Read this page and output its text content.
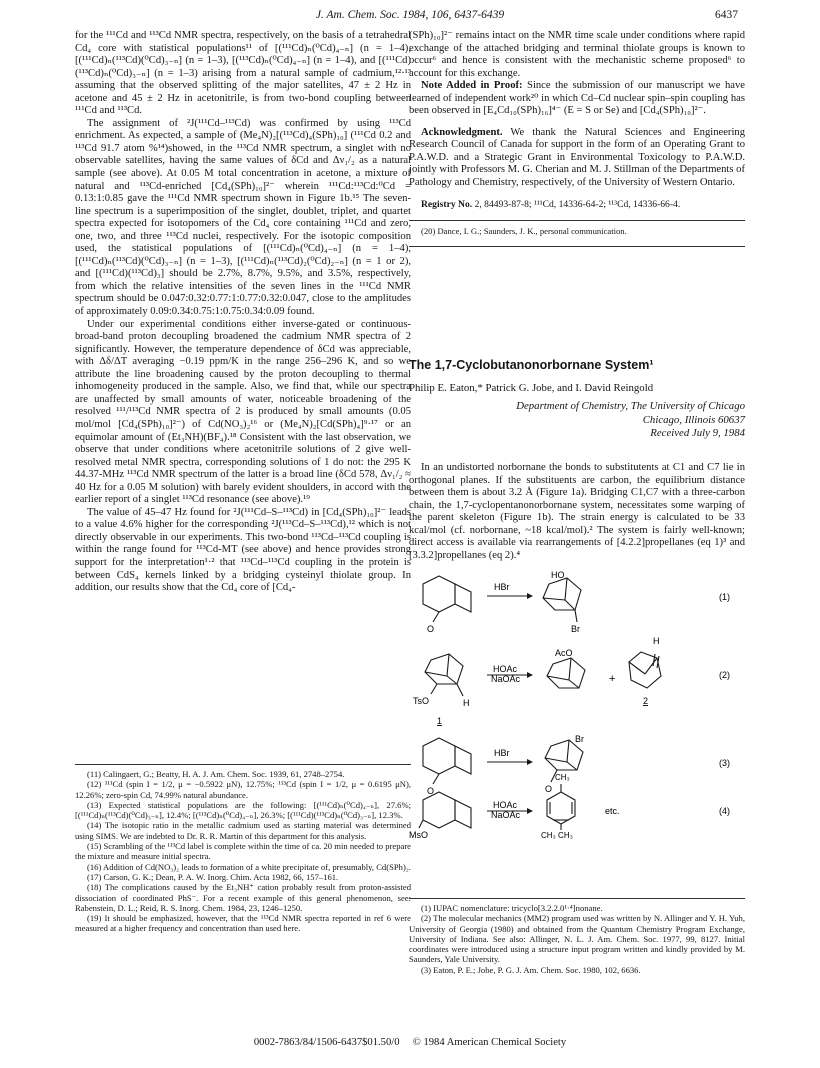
J. Am. Chem. Soc. 1984, 106, 6437-6439	6437

for the ¹¹¹Cd and ¹¹³Cd NMR spectra, respectively, on the basis of a tetrahedral Cd₄ core with statistical populations¹¹ of [(¹¹¹Cd)ₙ(⁰Cd)₄₋ₙ] (n = 1–4), [(¹¹¹Cd)ₙ(¹¹³Cd)(⁰Cd)₃₋ₙ] (n = 1–3), [(¹¹³Cd)ₙ(⁰Cd)₄₋ₙ] (n = 1–4), and [(¹¹¹Cd)(¹¹³Cd)ₙ(⁰Cd)₃₋ₙ] (n = 1–3) arising from a natural sample of cadmium,¹²·¹³ assuming that the observed splitting of the major satellites, 47 ± 2 Hz in acetone and 45 ± 2 Hz in acetonitrile, is from two-bond coupling between ¹¹¹Cd and ¹¹³Cd.

The assignment of ²J(¹¹¹Cd–¹¹³Cd) was confirmed by using ¹¹³Cd enrichment. As expected, a sample of (Me₄N)₂[(¹¹³Cd)₄(SPh)₁₀] (¹¹¹Cd 0.2 and ¹¹³Cd 91.7 atom %¹⁴)showed, in the ¹¹³Cd NMR spectrum, a singlet with no observable satellites, having the same values of δCd and Δν₁/₂ as a natural sample (see above). At 0.05 M total concentration in acetone, a mixture of natural and ¹¹³Cd-enriched [Cd₄(SPh)₁₀]²⁻ wherein ¹¹¹Cd:¹¹³Cd:⁰Cd = 0.13:1:0.85 gave the ¹¹¹Cd NMR spectrum shown in Figure 1b.¹⁵ The seven-line spectrum is a superimposition of the singlet, doublet, triplet, and quartet spectra expected for isotopomers of the Cd₄ core containing ¹¹¹Cd and zero, one, two, and three ¹¹³Cd nuclei, respectively. For the isotopic composition used, the statistical populations of [(¹¹¹Cd)ₙ(⁰Cd)₄₋ₙ] (n = 1–4), [(¹¹¹Cd)ₙ(¹¹³Cd)(⁰Cd)₃₋ₙ] (n = 1–3), [(¹¹¹Cd)ₙ(¹¹³Cd)₂(⁰Cd)₂₋ₙ] (n = 1 or 2), and [(¹¹¹Cd)(¹¹³Cd)₃] should be 2.7%, 8.7%, 9.5%, and 3.5%, respectively, from which the relative intensities of the seven lines in the ¹¹¹Cd NMR spectrum should be 0.047:0.32:0.77:1:0.77:0.32:0.047, close to the amplitudes of approximately 0.09:0.34:0.75:1:0.75:0.34:0.09 found.

Under our experimental conditions either inverse-gated or continuous-broad-band proton decoupling broadened the cadmium NMR spectra of 2 significantly. However, the temperature dependence of δCd was appreciable, with Δδ/ΔT averaging −0.19 ppm/K in the range 256–296 K, and so we attribute the line broadening caused by the proton decoupling to thermal inhomogeneity produced in the sample. Also, we find that, while our spectra are unaffected by small amounts of water, noticeable broadening of the resolved ¹¹¹/¹¹³Cd NMR spectra of 2 is produced by small amounts (0.05 mol/mol [Cd₄(SPh)₁₀]²⁻) of Cd(NO₃)₂¹⁶ or (Me₄N)₂[Cd(SPh)₄]⁹·¹⁷ or an equimolar amount of (Et₃NH)(BF₄).¹⁸ Consistent with the last observation, we observe that under conditions where acetonitrile solutions of 2 give well-resolved metal NMR spectra, corresponding solutions of 1 do not: the 295 K 44.37-MHz ¹¹³Cd NMR spectrum of the latter is a broad line (δCd 578, Δν₁/₂ ≈ 40 Hz for a 0.05 M solution) with barely evident shoulders, in accord with the earlier report of a singlet ¹¹³Cd resonance (see above).¹⁹

The value of 45–47 Hz found for ²J(¹¹¹Cd–S–¹¹³Cd) in [Cd₄(SPh)₁₀]²⁻ leads to a value 4.6% higher for the corresponding ²J(¹¹³Cd–S–¹¹³Cd),¹² which is not directly observable in our experiments. This two-bond ¹¹³Cd–¹¹³Cd coupling is within the range found for ¹¹³Cd-MT (see above) and hence provides strong support for the interpretation¹·² that ¹¹³Cd–¹¹³Cd coupling in the protein is between CdS₄ kernels linked by a bridging cysteinyl thiolate group. In addition, our results show that the Cd₄ core of [Cd₄-

(11) Calingaert, G.; Beatty, H. A. J. Am. Chem. Soc. 1939, 61, 2748–2754.

(12) ¹¹¹Cd (spin I = 1/2, μ = −0.5922 μN), 12.75%; ¹¹³Cd (spin I = 1/2, μ = 0.6195 μN), 12.26%; zero-spin Cd, 74.99% natural abundance.

(13) Expected statistical populations are the following: [(¹¹¹Cd)ₙ(⁰Cd)₄₋ₙ], 27.6%; [(¹¹¹Cd)ₙ(¹¹³Cd)(⁰Cd)₃₋ₙ], 12.4%; [(¹¹³Cd)ₙ(⁰Cd)₄₋ₙ], 26.3%; [(¹¹¹Cd)(¹¹³Cd)ₙ(⁰Cd)₃₋ₙ], 12.3%.

(14) The isotopic ratio in the metallic cadmium used as starting material was determined using SIMS. We are indebted to Dr. R. R. Martin of this department for this analysis.

(15) Scrambling of the ¹¹³Cd label is complete within the time of ca. 20 min needed to prepare the mixture and measure initial spectra.

(16) Addition of Cd(NO₃)₂ leads to formation of a white precipitate of, presumably, Cd(SPh)₂.

(17) Carson, G. K.; Dean, P. A. W. Inorg. Chim. Acta 1982, 66, 157–161.

(18) The complications caused by the Et₃NH⁺ cation probably result from proton-assisted dissociation of coordinated PhS⁻. For a recent example of this general phenomenon, see: Rabenstein, D. L.; Reid, R. S. Inorg. Chem. 1984, 23, 1246–1250.

(19) It should be emphasized, however, that the ¹¹³Cd NMR spectra reported in ref 6 were measured at a higher frequency and concentration than used here.

(SPh)₁₀]²⁻ remains intact on the NMR time scale under conditions where rapid exchange of the attached bridging and terminal thiolate groups is known to occur⁶ and hence is consistent with the mechanistic scheme proposed⁶ to account for this exchange.

Note Added in Proof: Since the submission of our manuscript we have learned of independent work²⁰ in which Cd–Cd nuclear spin–spin coupling has been observed in [E₄Cd₁₀(SPh)₁₆]⁴⁻ (E = S or Se) and [Cd₄(SPh)₁₀]²⁻.

Acknowledgment. We thank the Natural Sciences and Engineering Research Council of Canada for support in the form of an Operating Grant to P.A.W.D. and a Strategic Grant in Environmental Toxicology to P.A.W.D. jointly with Professors M. G. Cherian and M. J. Stillman of the Departments of Pathology and Chemistry, respectively, of the University of Western Ontario.

Registry No. 2, 84493-87-8; ¹¹¹Cd, 14336-64-2; ¹¹³Cd, 14336-66-4.

(20) Dance, I. G.; Saunders, J. K., personal communication.
The 1,7-Cyclobutanonorbornane System¹
Philip E. Eaton,* Patrick G. Jobe, and I. David Reingold
Department of Chemistry, The University of Chicago
Chicago, Illinois 60637
Received July 9, 1984

In an undistorted norbornane the bonds to substitutents at C1 and C7 lie in orthogonal planes. If the substituents are carbon, the equilibrium distance between them is about 3.2 Å (Figure 1a). Bridging C1,C7 with a three-carbon chain, the 1,7-cyclopentanonorbornane system, necessitates some warping of the parent skeleton (Figure 1b). The strain energy is calculated to be 33 kcal/mol (cf. norbornane, ~18 kcal/mol).² The system is fairly well-known; direct access is available via rearrangements of [4.2.2]propellanes (eq 1)³ and [3.3.2]propellanes (eq 2).⁴

O
HBr
HO
Br
(1)
TsO	H
1
HOAc
NaOAc
AcO
+
H
2
(2)
O
HBr
Br
O
(3)
MsO
HOAc
NaOAc
CH₃
CH₃ CH₃
etc.	(4)

(1) IUPAC nomenclature: tricyclo[3.2.2.0¹·⁴]nonane.

(2) The molecular mechanics (MM2) program used was written by N. Allinger and Y. H. Yuh, University of Georgia (1980) and obtained from the Quantum Chemistry Program Exchange, University of Indiana. See also: Allinger, N. L. J. Am. Chem. Soc. 1977, 99, 8127. Initial coordinates were introduced using a structure input program written and kindly provided by M. Saunders, Yale University.

(3) Eaton, P. E.; Jobe, P. G. J. Am. Chem. Soc. 1980, 102, 6636.

0002-7863/84/1506-6437$01.50/0 © 1984 American Chemical Society
